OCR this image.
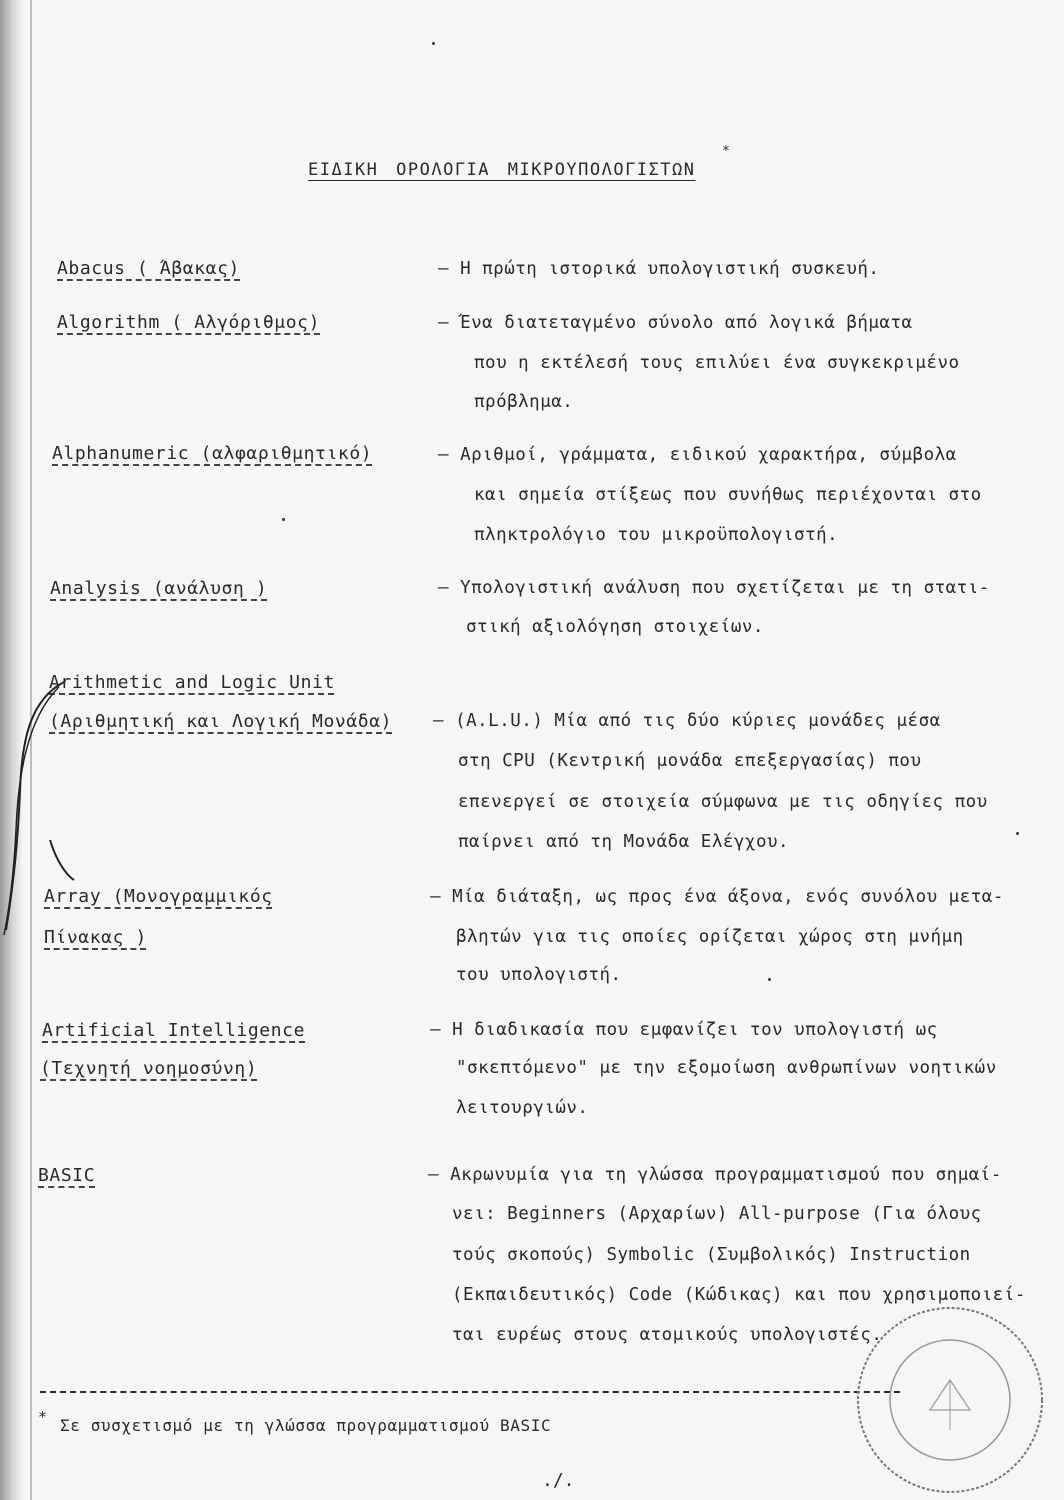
ΕΙΔΙΚΗ ΟΡΟΛΟΓΙΑ ΜΙΚΡΟΥΠΟΛΟΓΙΣΤΩΝ
*
Abacus ( Άβακας)	– Η πρώτη ιστορικά υπολογιστική συσκευή.
Algorithm ( Αλγόριθμος)	– Ένα διατεταγμένο σύνολο από λογικά βήματα
που η εκτέλεσή τους επιλύει ένα συγκεκριμένο
πρόβλημα.
Alphanumeric (αλφαριθμητικό)	– Αριθμοί, γράμματα, ειδικού χαρακτήρα, σύμβολα
και σημεία στίξεως που συνήθως περιέχονται στο
πληκτρολόγιο του μικροϋπολογιστή.
Analysis (ανάλυση )	– Υπολογιστική ανάλυση που σχετίζεται με τη στατι-
στική αξιολόγηση στοιχείων.
Arithmetic and Logic Unit
(Αριθμητική και Λογική Μονάδα) – (A.L.U.) Μία από τις δύο κύριες μονάδες μέσα
στη CPU (Κεντρική μονάδα επεξεργασίας) που
επενεργεί σε στοιχεία σύμφωνα με τις οδηγίες που
παίρνει από τη Μονάδα Ελέγχου.
Array (Μονογραμμικός
Πίνακας )
– Μία διάταξη, ως προς ένα άξονα, ενός συνόλου μετα-
βλητών για τις οποίες ορίζεται χώρος στη μνήμη
του υπολογιστή.
Artificial Intelligence
(Τεχνητή νοημοσύνη)
– Η διαδικασία που εμφανίζει τον υπολογιστή ως
"σκεπτόμενο" με την εξομοίωση ανθρωπίνων νοητικών
λειτουργιών.
BASIC	– Ακρωνυμία για τη γλώσσα προγραμματισμού που σημαί-
νει: Beginners (Αρχαρίων) All-purpose (Για όλους
τούς σκοπούς) Symbolic (Συμβολικός) Instruction
(Εκπαιδευτικός) Code (Κώδικας) και που χρησιμοποιεί-
ται ευρέως στους ατομικούς υπολογιστές.
* Σε συσχετισμό με τη γλώσσα προγραμματισμού BASIC
./.
